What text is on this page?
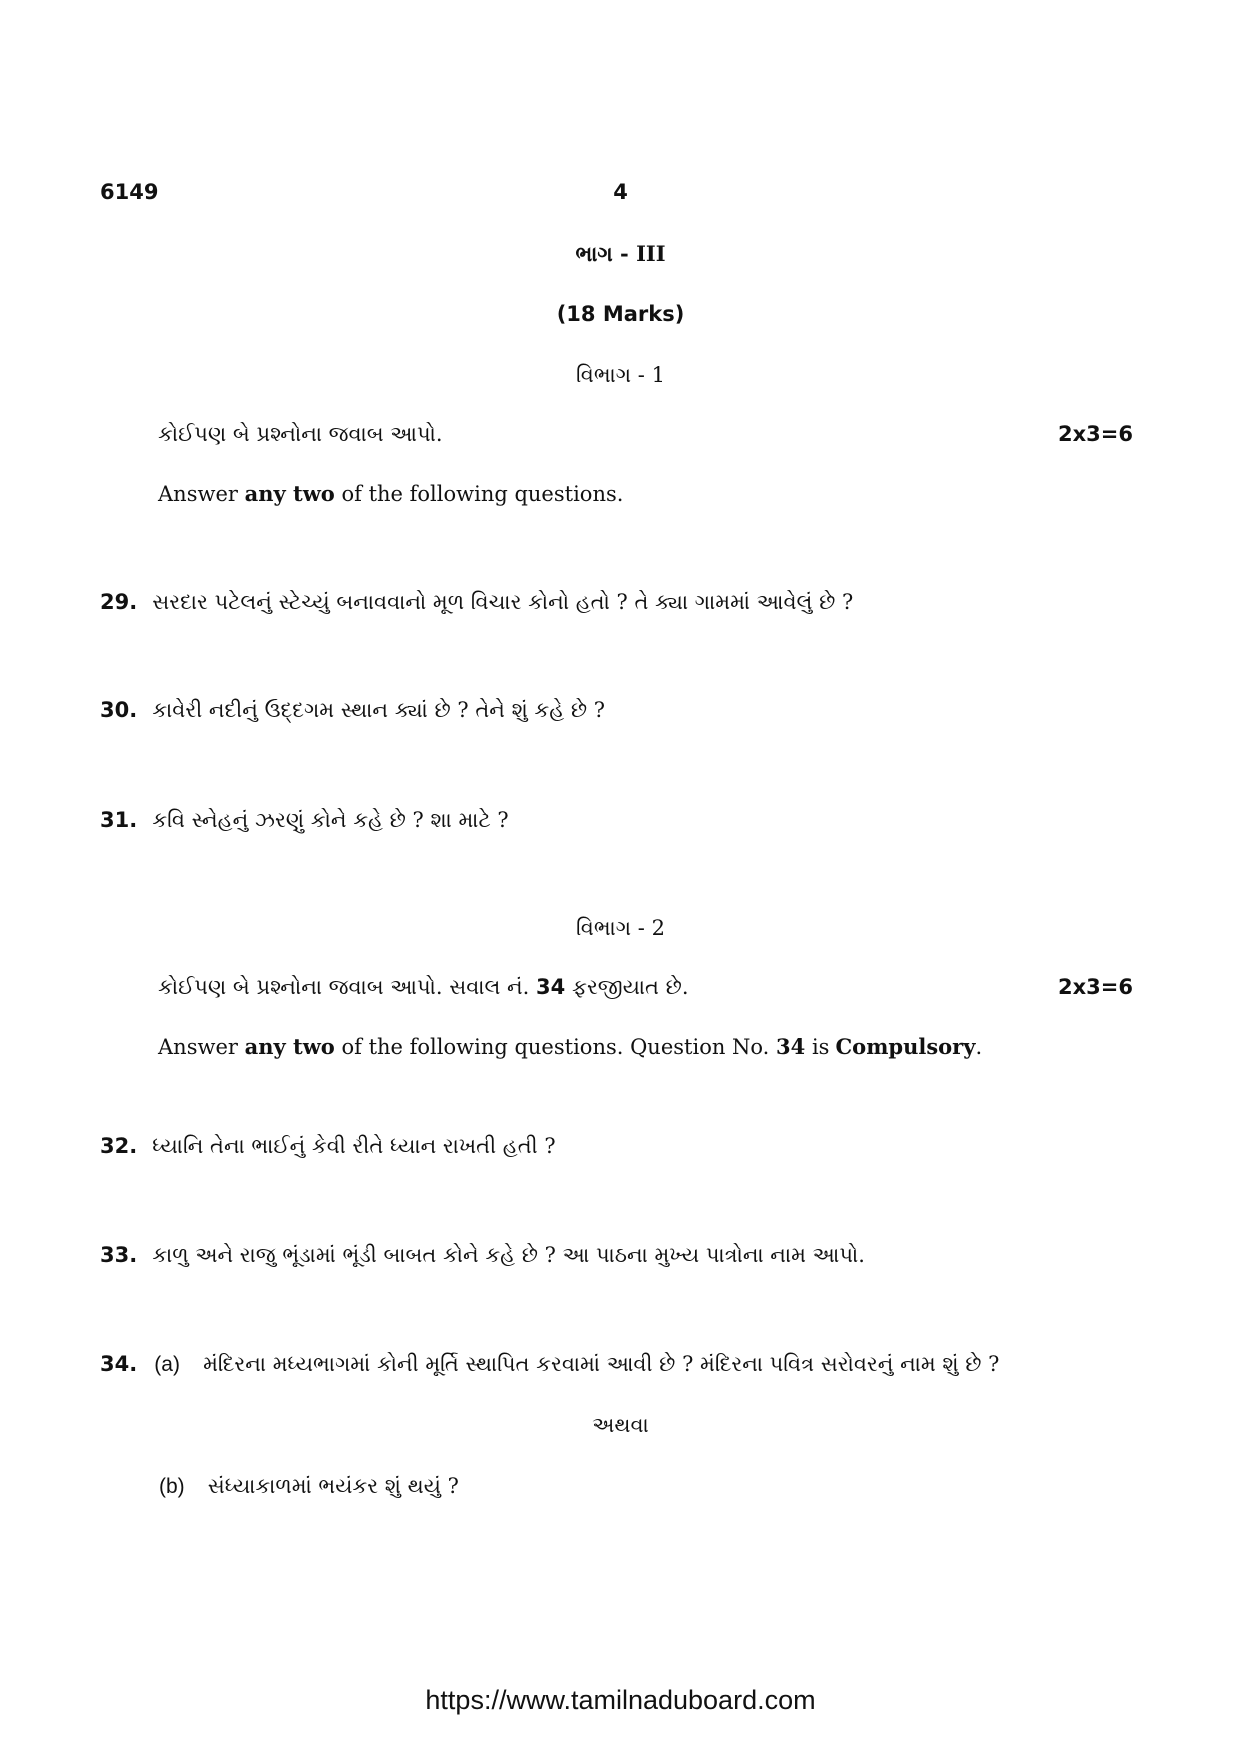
6149	4
ભાગ - III
(18 Marks)
વિભાગ - 1
કોઈપણ બે પ્રશ્નોના જવાબ આપો.	2x3=6
Answer any two of the following questions.
29. સરદાર પટેલનું સ્ટેચ્યું બનાવવાનો મૂળ વિચાર કોનો હતો ? તે ક્યા ગામમાં આવેલું છે ?
30. કાવેરી નદીનું ઉદ્દગમ સ્થાન ક્યાં છે ? તેને શું કહે છે ?
31. કવિ સ્નેહનું ઝરણું કોને કહે છે ? શા માટે ?
વિભાગ - 2
કોઈપણ બે પ્રશ્નોના જવાબ આપો. સવાલ નં. 34 ફરજીયાત છે.	2x3=6
Answer any two of the following questions. Question No. 34 is Compulsory.
32. ધ્યાનિ તેના ભાઈનું કેવી રીતે ધ્યાન રાખતી હતી ?
33. કાળુ અને રાજુ ભૂંડામાં ભૂંડી બાબત કોને કહે છે ? આ પાઠના મુખ્ય પાત્રોના નામ આપો.
34. (a) મંદિરના મધ્યભાગમાં કોની મૂર્તિ સ્થાપિત કરવામાં આવી છે ? મંદિરના પવિત્ર સરોવરનું નામ શું છે ?
અથવા
(b) સંધ્યાકાળમાં ભયંકર શું થયું ?
https://www.tamilnaduboard.com
